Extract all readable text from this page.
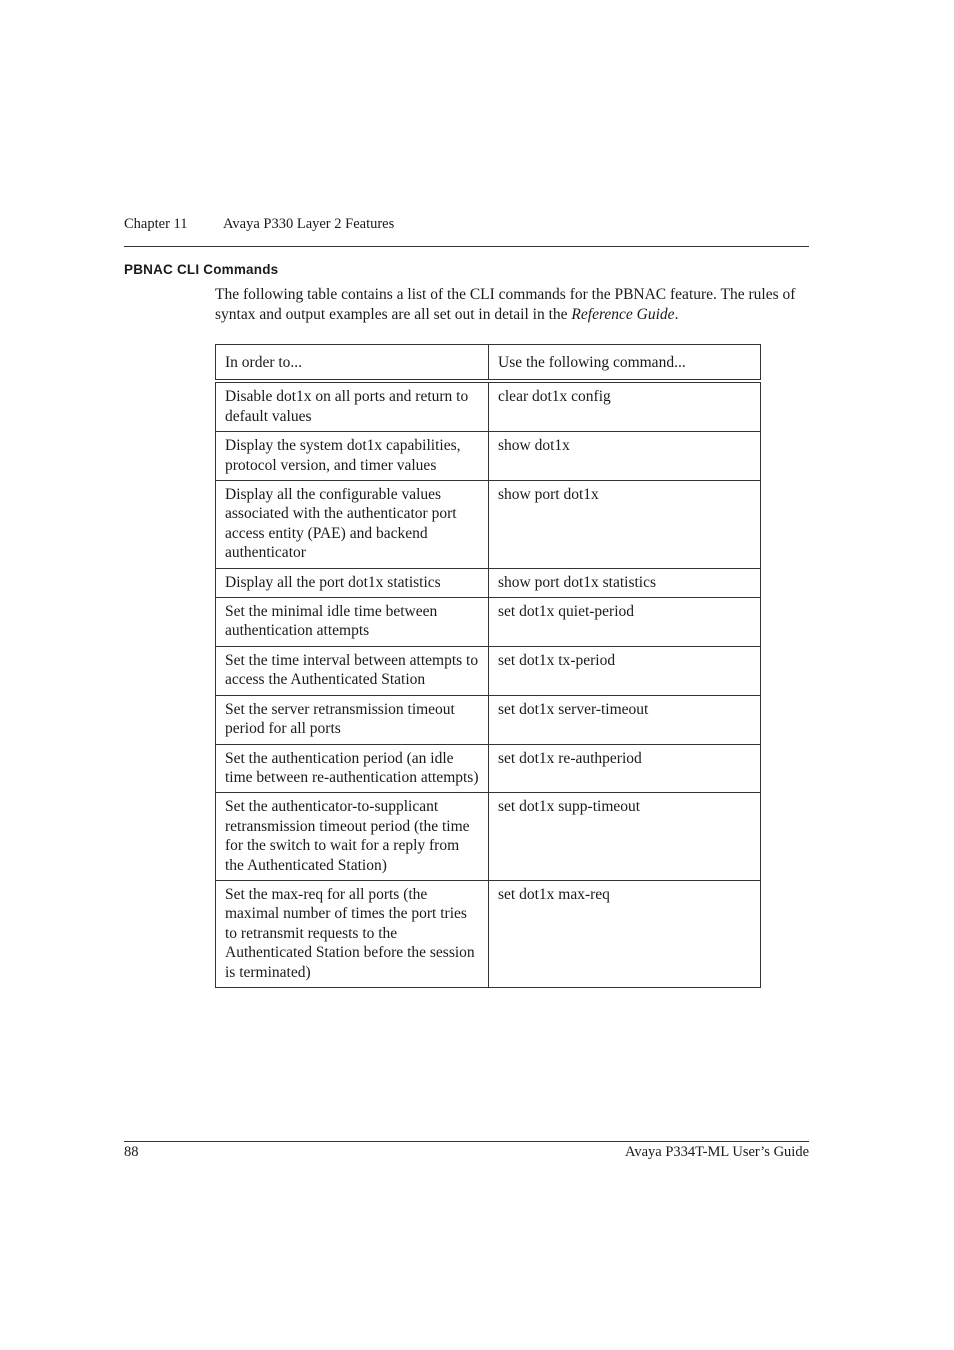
Chapter 11 Avaya P330 Layer 2 Features
PBNAC CLI Commands
The following table contains a list of the CLI commands for the PBNAC feature. The rules of syntax and output examples are all set out in detail in the Reference Guide.
In order to...	Use the following command...
Disable dot1x on all ports and return to default values	clear dot1x config
Display the system dot1x capabilities, protocol version, and timer values	show dot1x
Display all the configurable values associated with the authenticator port access entity (PAE) and backend authenticator	show port dot1x
Display all the port dot1x statistics	show port dot1x statistics
Set the minimal idle time between authentication attempts	set dot1x quiet-period
Set the time interval between attempts to access the Authenticated Station	set dot1x tx-period
Set the server retransmission timeout period for all ports	set dot1x server-timeout
Set the authentication period (an idle time between re-authentication attempts)	set dot1x re-authperiod
Set the authenticator-to-supplicant retransmission timeout period (the time for the switch to wait for a reply from the Authenticated Station)	set dot1x supp-timeout
Set the max-req for all ports (the maximal number of times the port tries to retransmit requests to the Authenticated Station before the session is terminated)	set dot1x max-req
88	Avaya P334T-ML User’s Guide
